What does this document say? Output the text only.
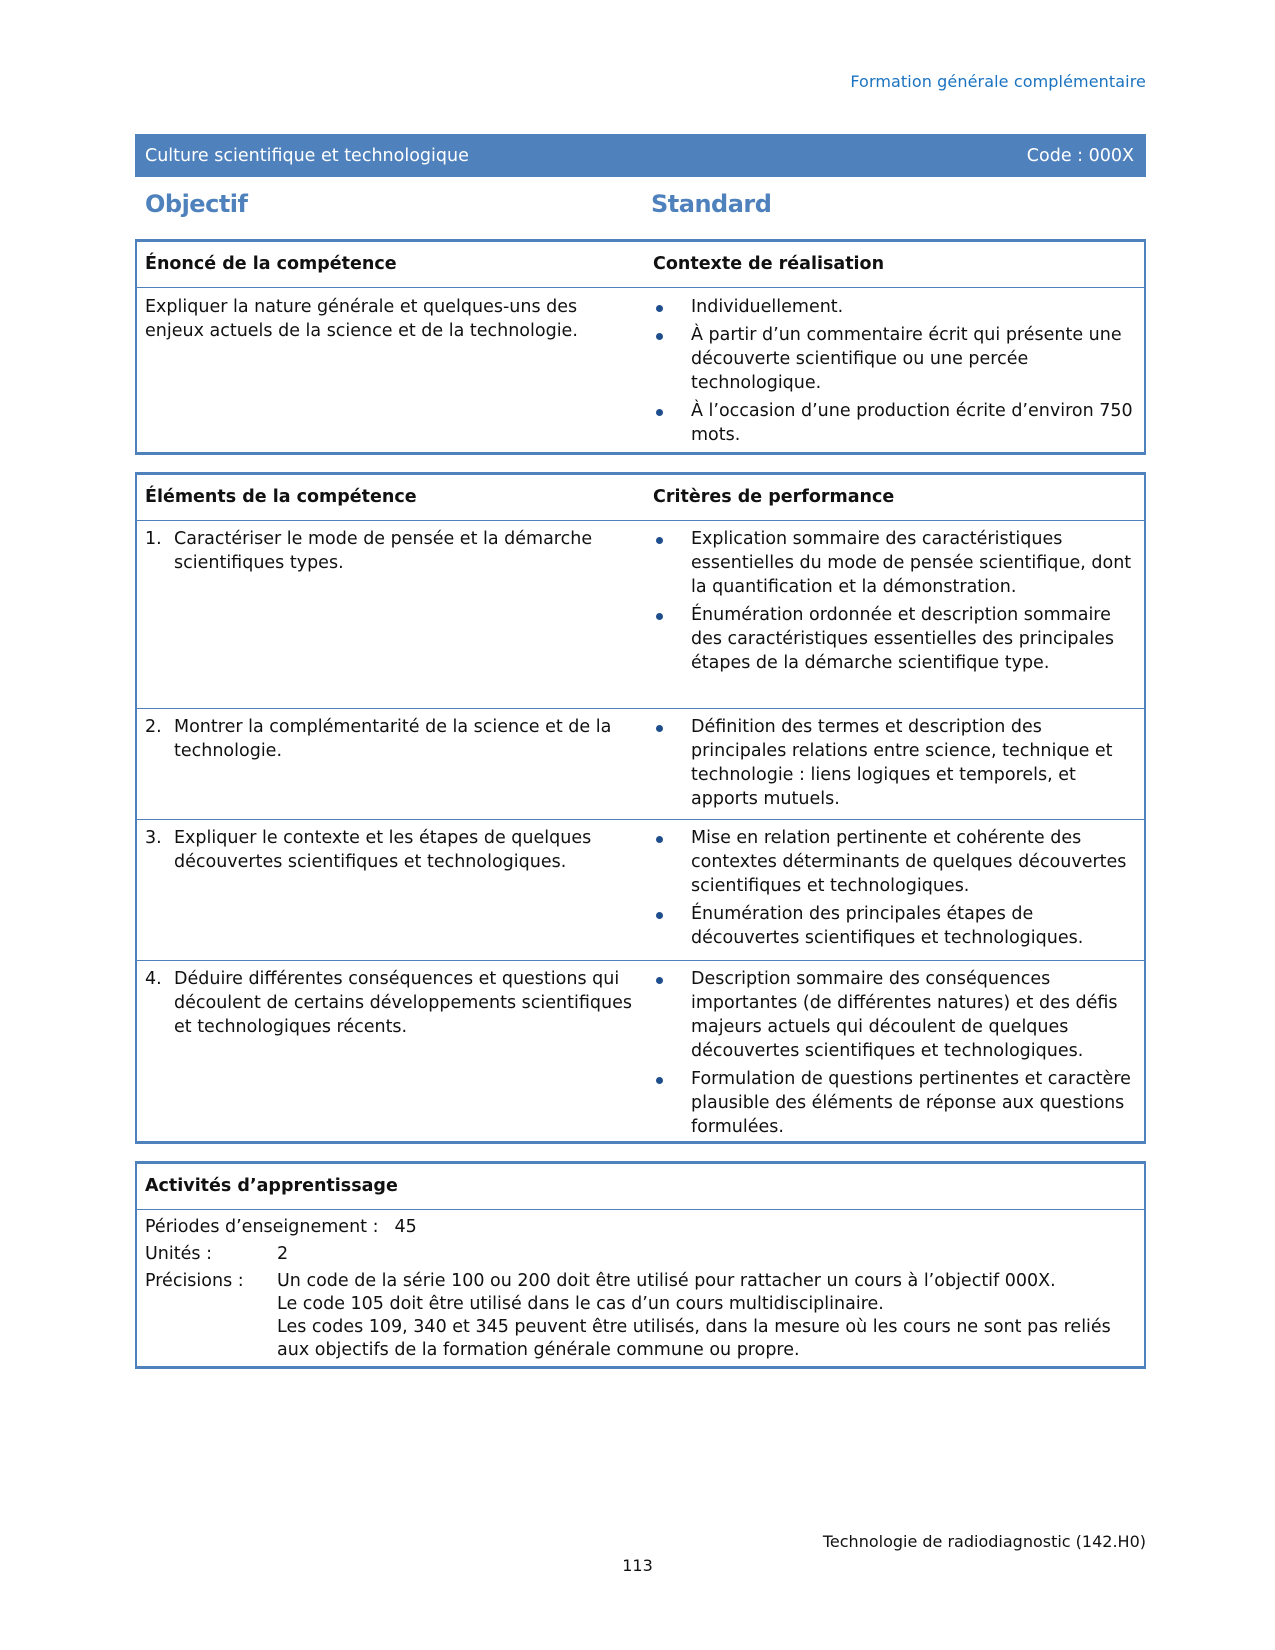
Formation générale complémentaire
Culture scientifique et technologique	Code : 000X
Objectif	Standard
Énoncé de la compétence	Contexte de réalisation
Expliquer la nature générale et quelques-uns des enjeux actuels de la science et de la technologie.
Individuellement.
À partir d’un commentaire écrit qui présente une découverte scientifique ou une percée technologique.
À l’occasion d’une production écrite d’environ 750 mots.
Éléments de la compétence	Critères de performance
1. Caractériser le mode de pensée et la démarche scientifiques types.
Explication sommaire des caractéristiques essentielles du mode de pensée scientifique, dont la quantification et la démonstration.
Énumération ordonnée et description sommaire des caractéristiques essentielles des principales étapes de la démarche scientifique type.
2. Montrer la complémentarité de la science et de la technologie.
Définition des termes et description des principales relations entre science, technique et technologie : liens logiques et temporels, et apports mutuels.
3. Expliquer le contexte et les étapes de quelques découvertes scientifiques et technologiques.
Mise en relation pertinente et cohérente des contextes déterminants de quelques découvertes scientifiques et technologiques.
Énumération des principales étapes de découvertes scientifiques et technologiques.
4. Déduire différentes conséquences et questions qui découlent de certains développements scientifiques et technologiques récents.
Description sommaire des conséquences importantes (de différentes natures) et des défis majeurs actuels qui découlent de quelques découvertes scientifiques et technologiques.
Formulation de questions pertinentes et caractère plausible des éléments de réponse aux questions formulées.
Activités d’apprentissage
Périodes d’enseignement : 45
Unités :	2
Précisions :	Un code de la série 100 ou 200 doit être utilisé pour rattacher un cours à l’objectif 000X.
Le code 105 doit être utilisé dans le cas d’un cours multidisciplinaire.
Les codes 109, 340 et 345 peuvent être utilisés, dans la mesure où les cours ne sont pas reliés aux objectifs de la formation générale commune ou propre.
Technologie de radiodiagnostic (142.H0)
113
